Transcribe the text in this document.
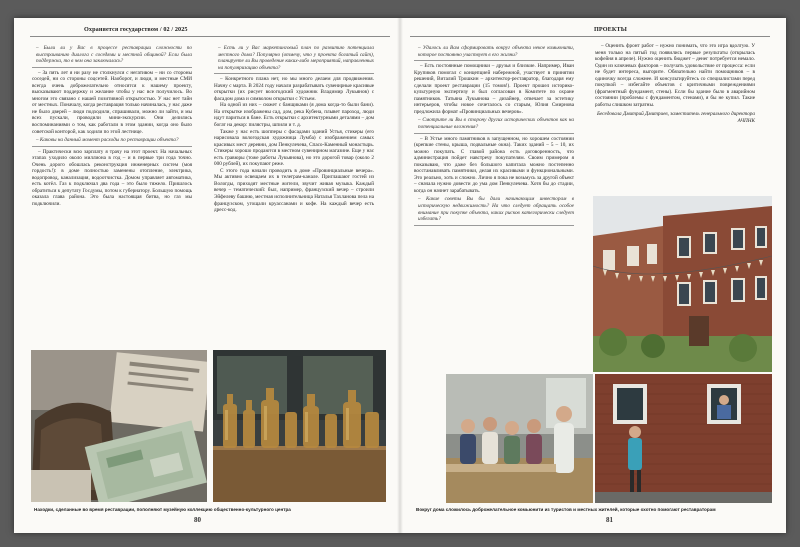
Охраняется государством / 02 / 2025

– Были ли у Вас в процессе реставрации сложности по выстраиванию диалога с соседями и местной общиной? Если была поддержка, то в чем она заключалась?

– За пять лет я ни разу не столкнулся с негативом – ни со стороны соседей, ни со стороны соцсетей. Наоборот, и люди, и местные СМИ всегда очень доброжелательно относятся к нашему проекту, высказывают поддержку и желание чтобы у нас все получилось. Во многом это связано с нашей позитивной открытостью. У нас нет тайн от местных. Поначалу, когда реставрация только начиналась, у нас даже не было дверей – люди подходили, спрашивали, можно ли зайти, и мы всех пускали, проводили мини-экскурсии. Они делились воспоминаниями о том, как работали в этом здании, когда оно было советской конторой, как ходили по этой лестнице.

– Каковы на данный момент расходы по реставрации объекта?

– Практически всю зарплату я трачу на этот проект. На начальных этапах уходило около миллиона в год – и в первые три года точно. Очень дорого обошлась реконструкция инженерных систем (моя гордость!): в доме полностью заменены отопление, электрика, водопровод, канализация, водоотчистка. Домом управляет автоматика, есть котёл. Газ к подключал два года – это было тяжело. Пришлось обратиться к депутату Госдумы, потом к губернатору. Большую помощь оказала глава района. Это была настоящая битва, но газ мы подключили.

– Есть ли у Вас маркетинговый план по развитию потенциала местного дома? Популярно (отмечу, что у проекта богатый сайт), планируете ли Вы проведение каких-либо мероприятий, направленных на популяризацию объекта?

– Конкретного плана нет, но мы много делаем для продвижения. Начну с марта. В 2024 году начали разрабатывать сувенирные красивые открытки (их рисует вологодский художник Владимир Лукьянов) с фасадом дома и символом открытки с Устьем.

На одной из них – сюжет с банщиками (я дома когда-то были бани). На открытке изображены сад, дом, река Кубена, плывет пароход, люди идут париться в бане. Есть открытки с архитектурными деталями – дом богат на декор: пилястры, шпили и т. д.

Также у нас есть шопперы с фасадами зданий Устья, стикеры (его нарисовала вологодская художница Лумба) с изображением самых красивых мест деревни, дом Пенкулечева, Спасо-Каменный монастырь. Стикеры хорошо продаются в местном сувенирном магазине. Еще у нас есть гравюры (тоже работы Лукьянова), но это дорогой товар (около 2 000 рублей), их покупают реже.

С этого года начали проводить в доме «Провинциальные вечера». Мы активно освещаем их в телеграм-канале. Приглашают гостей из Вологды, приходят местные жители, звучит живая музыка. Каждый вечер – тематический: был, например, французский вечер – строили Эйфелеву башню, местная исполнительница Наталья Тахланова пела на французском, угощали круассанами и кофе. На каждый вечер есть дресс-код.

Находки, сделанные во время реставрации, пополняют музейную коллекцию общественно-культурного центра
80
ПРОЕКТЫ

– Удалось ли Вам сформировать вокруг объекта некое комьюнити, которое постоянно участвует в его жизни?

– Есть постоянные помощники – друзья и близкие. Например, Иван Крупиков помогал с концепцией набережной, участвует в принятии решений, Виталий Трошкин – архитектор-реставратор, благодаря ему сделали проект реставрации (15 томов!). Проект прошел историко-культурную экспертизу и был согласован в Комитете по охране памятников. Татьяна Лукьянова – дизайнер, отвечает за эстетику интерьеров, чтобы новое сочеталось со старым, Юлия Смирнова предложила формат «Провинциальных вечеров».

– Смотрите ли Вы в сторону других исторических объектов как на потенциальные вложения?

– В Устье много памятников в запущенном, но хорошем состоянии (крепкие стены, крыша, подвальные окна). Таких зданий – 5 – 10, их можно покупать. С главой района есть договоренность, что администрация пойдет навстречу покупателям. Своим примером я показываю, что даже без большого капитала можно постепенно восстанавливать памятники, делая их красивыми и функциональными. Это реально, хоть и сложно. Лично я пока не возьмусь за другой объект – сначала нужно довести до ума дом Пенкулечева. Хотя бы до стадии, когда он начнет зарабатывать.

– Какие советы Вы бы дали начинающим инвесторам в историческую недвижимость? На что следует обращать особое внимание при покупке объекта, каких рисков категорически следует избегать?

– Оценить фронт работ – нужно понимать, что это игра вдолгую. У меня только на пятый год появились первые результаты (открылась кофейня в апреле). Нужно оценить бюджет – денег потребуется немало. Один из ключевых факторов – получать удовольствие от процесса: если не будет интереса, выгорите. Обязательно найти помощников – в одиночку всегда сложнее. И консультируйтесь со специалистами перед покупкой – избегайте объектов с критичными повреждениями (фрагментный фундамент, стены). Если бы здание было в аварийном состоянии (проблемы с фундаментом, стенами), я бы не купил. Такие работы слишком затратны.

Беседовала Дмитрий Дмитриев, заместитель генерального директора АЧПНК

Вокруг дома сложилось доброжелательное комьюнити из туристов и местных жителей, которые охотно помогают реставраторам
81
